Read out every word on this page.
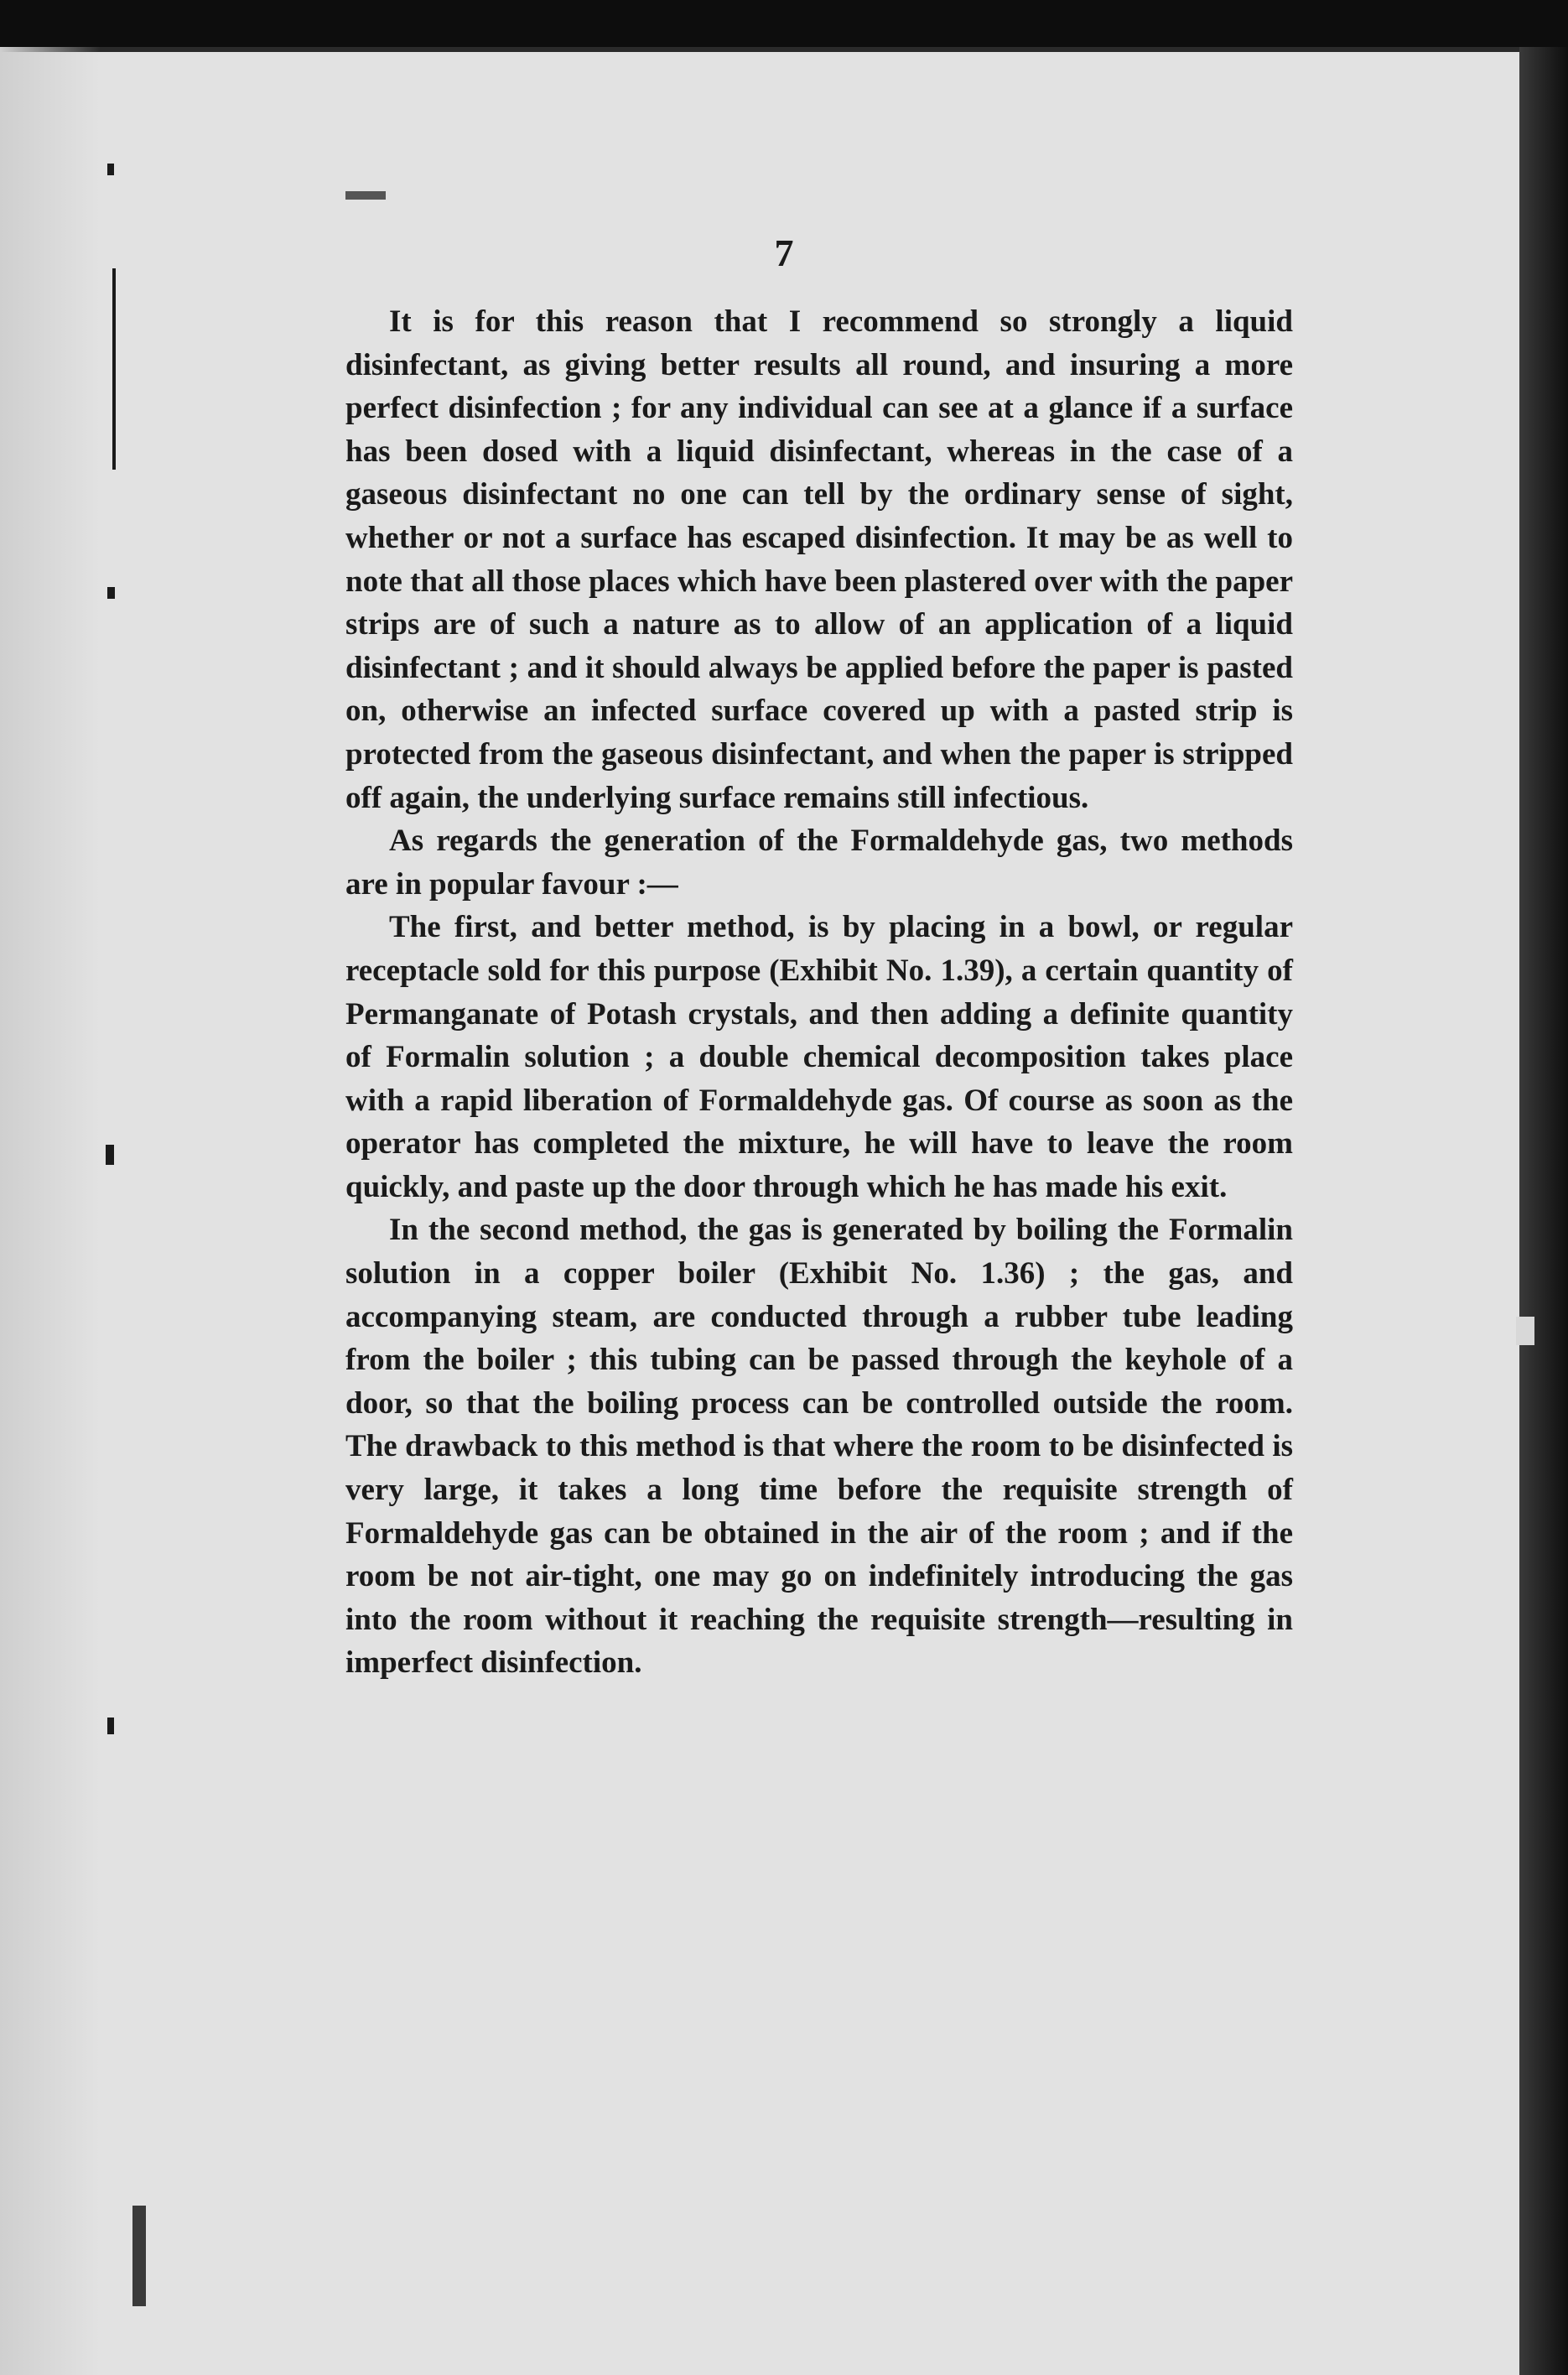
7

It is for this reason that I recommend so strongly a liquid disinfectant, as giving better results all round, and insuring a more perfect disinfection ; for any individual can see at a glance if a surface has been dosed with a liquid disinfectant, whereas in the case of a gaseous disinfectant no one can tell by the ordinary sense of sight, whether or not a surface has escaped disinfection. It may be as well to note that all those places which have been plastered over with the paper strips are of such a nature as to allow of an application of a liquid disinfectant ; and it should always be applied before the paper is pasted on, otherwise an infected surface covered up with a pasted strip is protected from the gaseous disinfectant, and when the paper is stripped off again, the underlying surface remains still infectious.

As regards the generation of the Formaldehyde gas, two methods are in popular favour :—

The first, and better method, is by placing in a bowl, or regular receptacle sold for this purpose (Exhibit No. 1.39), a certain quantity of Permanganate of Potash crystals, and then adding a definite quantity of Formalin solution ; a double chemical decomposition takes place with a rapid liberation of Formaldehyde gas. Of course as soon as the operator has completed the mixture, he will have to leave the room quickly, and paste up the door through which he has made his exit.

In the second method, the gas is generated by boiling the Formalin solution in a copper boiler (Exhibit No. 1.36) ; the gas, and accompanying steam, are conducted through a rubber tube leading from the boiler ; this tubing can be passed through the keyhole of a door, so that the boiling process can be controlled outside the room. The drawback to this method is that where the room to be disinfected is very large, it takes a long time before the requisite strength of Formaldehyde gas can be obtained in the air of the room ; and if the room be not air-tight, one may go on indefinitely introducing the gas into the room without it reaching the requisite strength—resulting in imperfect disinfection.
